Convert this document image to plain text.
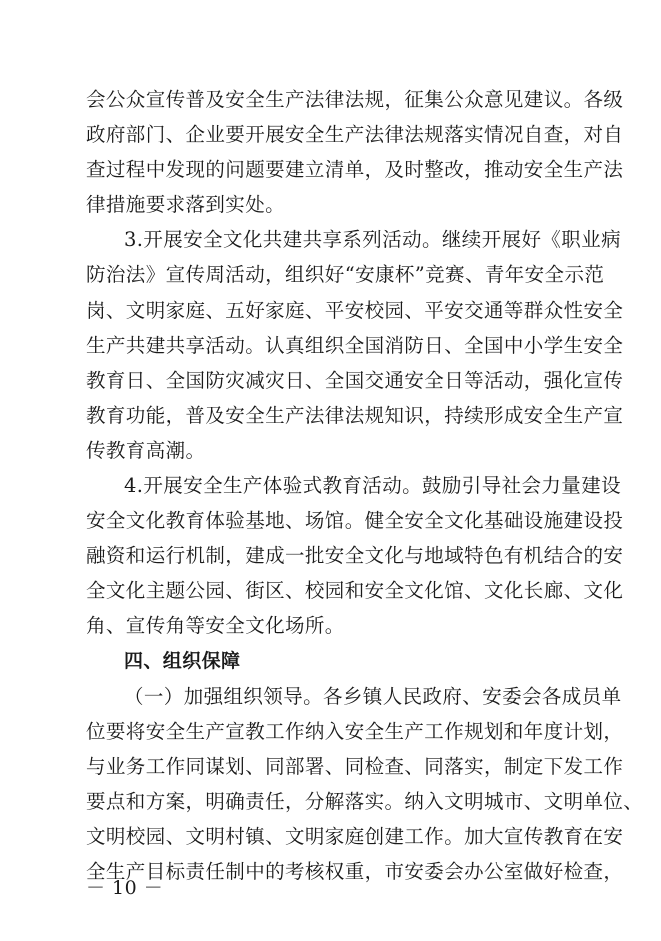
会公众宣传普及安全生产法律法规，征集公众意见建议。各级
政府部门、企业要开展安全生产法律法规落实情况自查，对自
查过程中发现的问题要建立清单，及时整改，推动安全生产法
律措施要求落到实处。
3.开展安全文化共建共享系列活动。继续开展好《职业病
防治法》宣传周活动，组织好“安康杯”竞赛、青年安全示范
岗、文明家庭、五好家庭、平安校园、平安交通等群众性安全
生产共建共享活动。认真组织全国消防日、全国中小学生安全
教育日、全国防灾减灾日、全国交通安全日等活动，强化宣传
教育功能，普及安全生产法律法规知识，持续形成安全生产宣
传教育高潮。
4.开展安全生产体验式教育活动。鼓励引导社会力量建设
安全文化教育体验基地、场馆。健全安全文化基础设施建设投
融资和运行机制，建成一批安全文化与地域特色有机结合的安
全文化主题公园、街区、校园和安全文化馆、文化长廊、文化
角、宣传角等安全文化场所。
四、组织保障
－ 10 －
（一）加强组织领导。各乡镇人民政府、安委会各成员单
位要将安全生产宣教工作纳入安全生产工作规划和年度计划，
与业务工作同谋划、同部署、同检查、同落实，制定下发工作
要点和方案，明确责任，分解落实。纳入文明城市、文明单位、
文明校园、文明村镇、文明家庭创建工作。加大宣传教育在安
全生产目标责任制中的考核权重，市安委会办公室做好检查，
